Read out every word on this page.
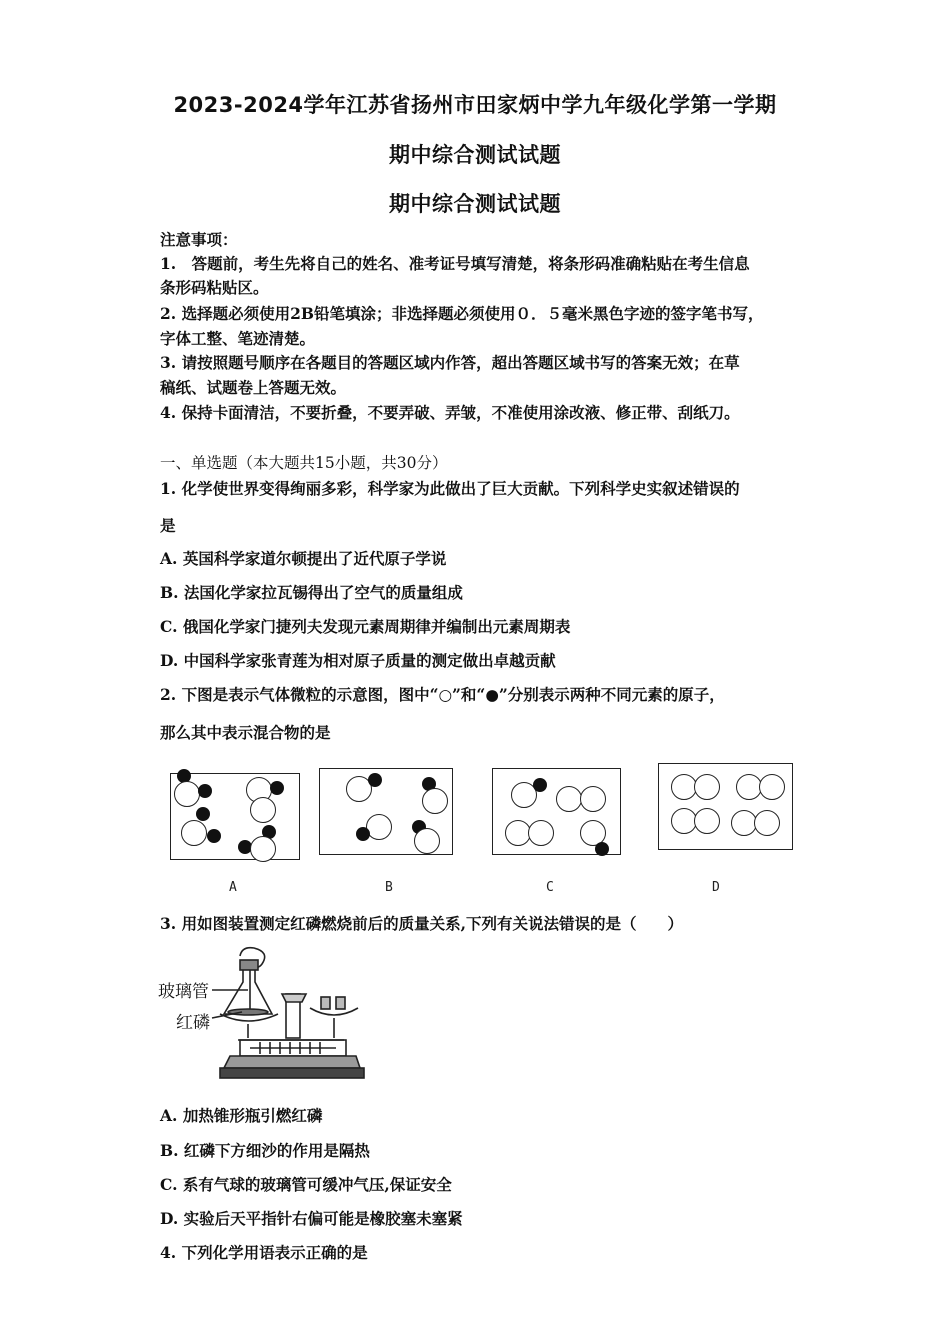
2023-2024学年江苏省扬州市田家炳中学九年级化学第一学期
期中综合测试试题
期中综合测试试题
注意事项：
1.　答题前，考生先将自己的姓名、准考证号填写清楚，将条形码准确粘贴在考生信息
条形码粘贴区。
2. 选择题必须使用2B铅笔填涂；非选择题必须使用０．５毫米黑色字迹的签字笔书写，
字体工整、笔迹清楚。
3. 请按照题号顺序在各题目的答题区域内作答，超出答题区域书写的答案无效；在草
稿纸、试题卷上答题无效。
4. 保持卡面清洁，不要折叠，不要弄破、弄皱，不准使用涂改液、修正带、刮纸刀。
一、单选题（本大题共15小题，共30分）
1. 化学使世界变得绚丽多彩，科学家为此做出了巨大贡献。下列科学史实叙述错误的
是
A. 英国科学家道尔顿提出了近代原子学说
B. 法国化学家拉瓦锡得出了空气的质量组成
C. 俄国化学家门捷列夫发现元素周期律并编制出元素周期表
D. 中国科学家张青莲为相对原子质量的测定做出卓越贡献
2. 下图是表示气体微粒的示意图，图中“○”和“●”分别表示两种不同元素的原子，
那么其中表示混合物的是
A	B	C	D
3. 用如图装置测定红磷燃烧前后的质量关系,下列有关说法错误的是（　　）
玻璃管
红磷
A. 加热锥形瓶引燃红磷
B. 红磷下方细沙的作用是隔热
C. 系有气球的玻璃管可缓冲气压,保证安全
D. 实验后天平指针右偏可能是橡胶塞未塞紧
4. 下列化学用语表示正确的是
